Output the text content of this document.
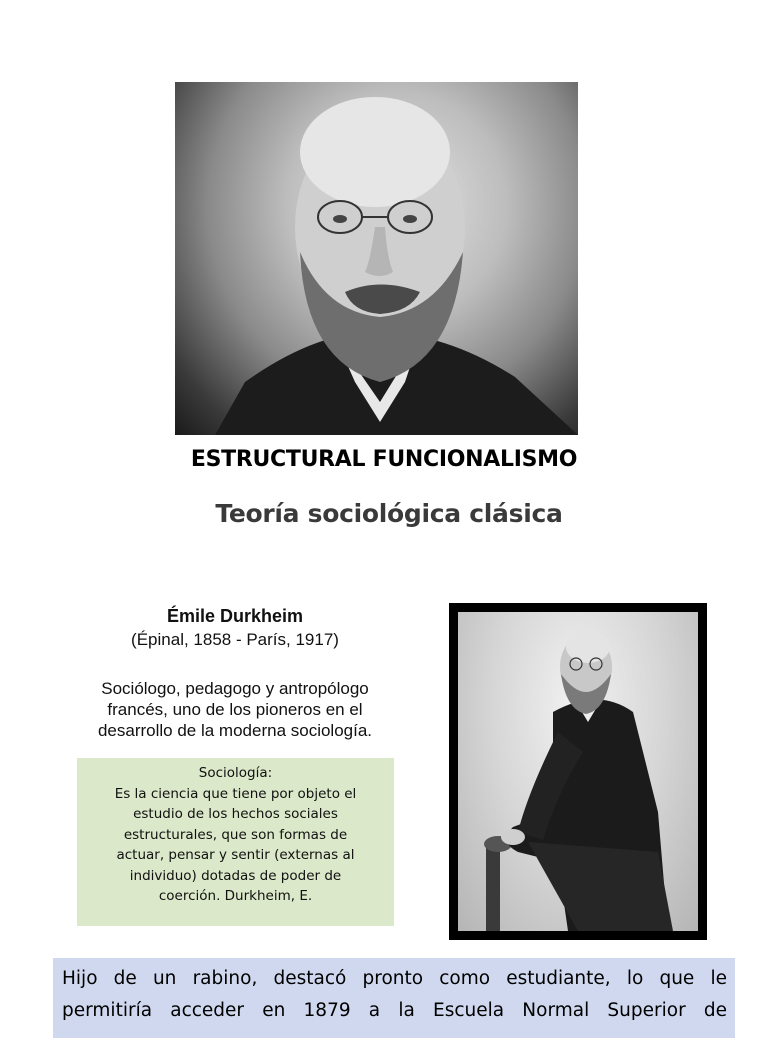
ESTRUCTURAL FUNCIONALISMO
Teoría sociológica clásica
Émile Durkheim
(Épinal, 1858 - París, 1917)
Sociólogo, pedagogo y antropólogo
francés, uno de los pioneros en el
desarrollo de la moderna sociología.
Sociología:
Es la ciencia que tiene por objeto el
estudio de los hechos sociales
estructurales, que son formas de
actuar, pensar y sentir (externas al
individuo) dotadas de poder de
coerción. Durkheim, E.
Hijo de un rabino, destacó pronto como estudiante, lo que le
permitiría acceder en 1879 a la Escuela Normal Superior de
